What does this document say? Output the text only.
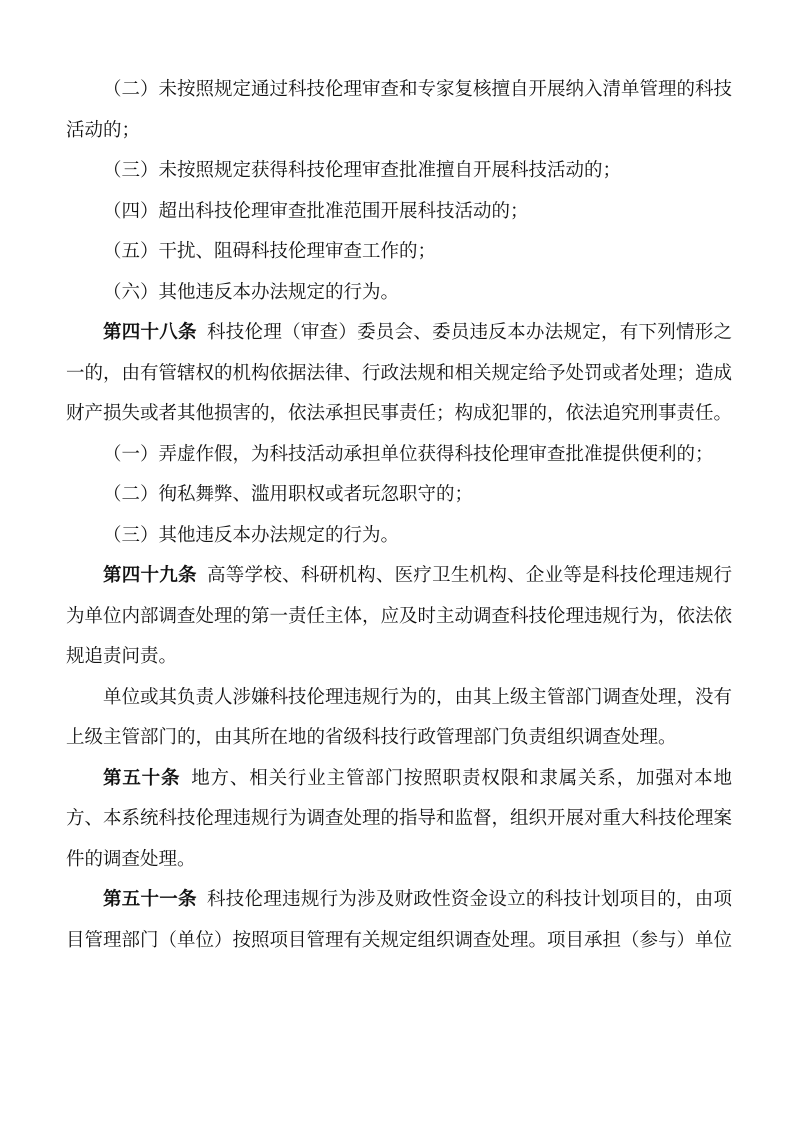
（二）未按照规定通过科技伦理审查和专家复核擅自开展纳入清单管理的科技活动的；

（三）未按照规定获得科技伦理审查批准擅自开展科技活动的；

（四）超出科技伦理审查批准范围开展科技活动的；

（五）干扰、阻碍科技伦理审查工作的；

（六）其他违反本办法规定的行为。

第四十八条 科技伦理（审查）委员会、委员违反本办法规定，有下列情形之一的，由有管辖权的机构依据法律、行政法规和相关规定给予处罚或者处理；造成财产损失或者其他损害的，依法承担民事责任；构成犯罪的，依法追究刑事责任。

（一）弄虚作假，为科技活动承担单位获得科技伦理审查批准提供便利的；

（二）徇私舞弊、滥用职权或者玩忽职守的；

（三）其他违反本办法规定的行为。

第四十九条 高等学校、科研机构、医疗卫生机构、企业等是科技伦理违规行为单位内部调查处理的第一责任主体，应及时主动调查科技伦理违规行为，依法依规追责问责。

单位或其负责人涉嫌科技伦理违规行为的，由其上级主管部门调查处理，没有上级主管部门的，由其所在地的省级科技行政管理部门负责组织调查处理。

第五十条 地方、相关行业主管部门按照职责权限和隶属关系，加强对本地方、本系统科技伦理违规行为调查处理的指导和监督，组织开展对重大科技伦理案件的调查处理。

第五十一条 科技伦理违规行为涉及财政性资金设立的科技计划项目的，由项目管理部门（单位）按照项目管理有关规定组织调查处理。项目承担（参与）单位
